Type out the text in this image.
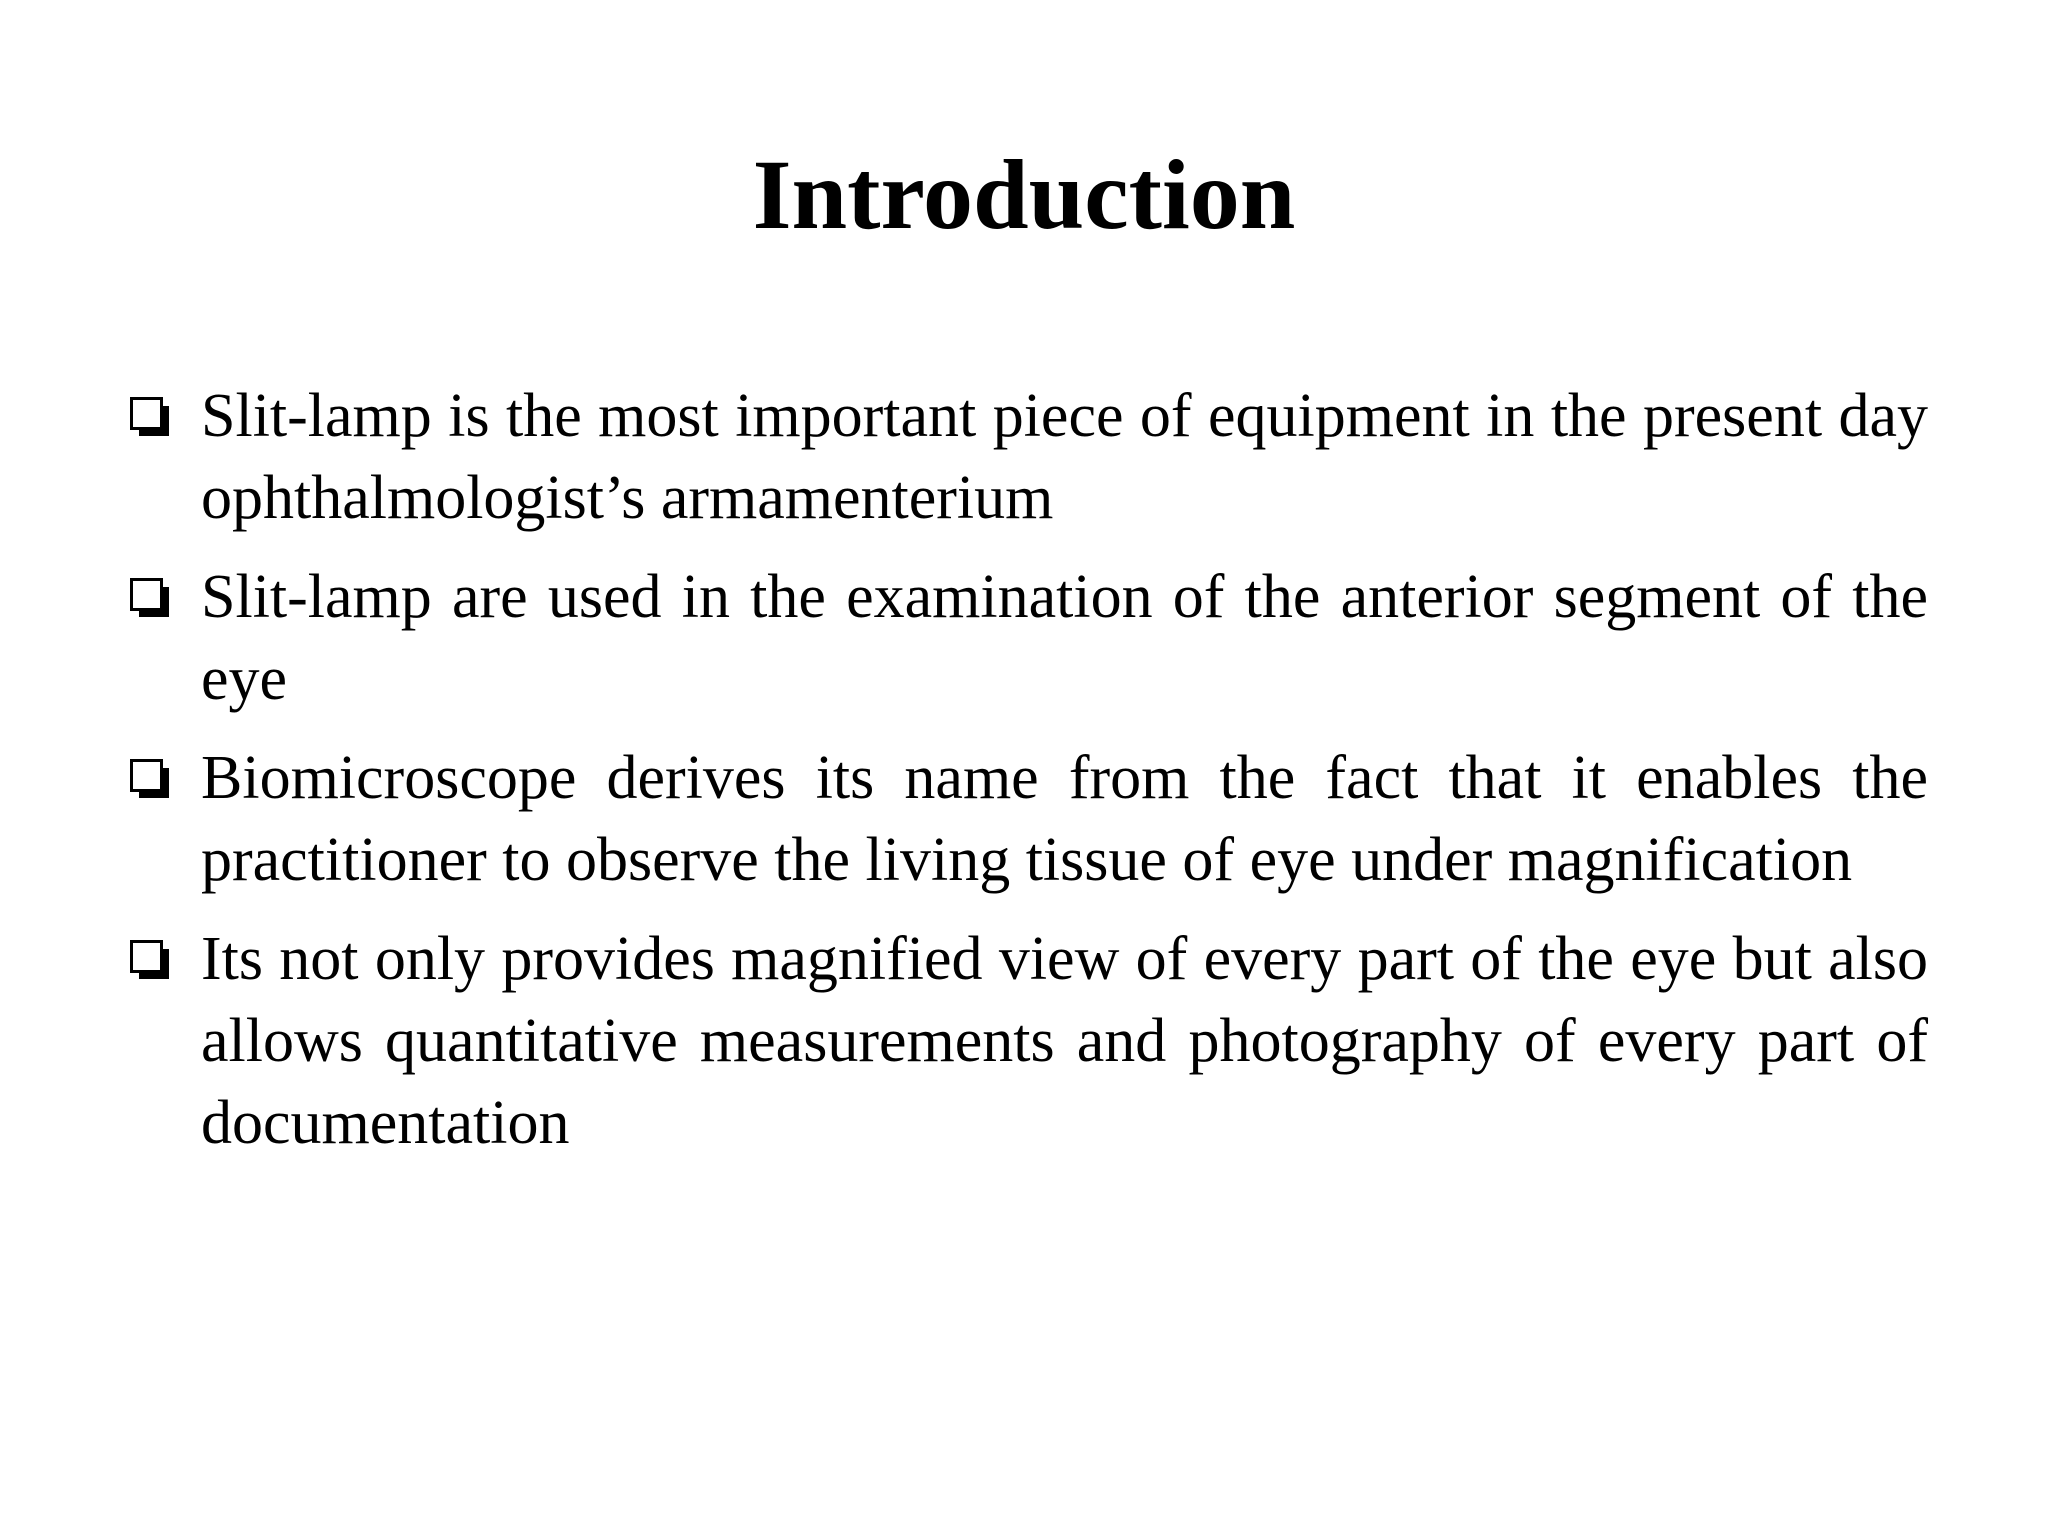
Introduction
Slit-lamp is the most important piece of equipment in the present day ophthalmologist’s armamenterium
Slit-lamp are used in the examination of the anterior segment of the eye
Biomicroscope derives its name from the fact that it enables the practitioner to observe the living tissue of eye under magnification
Its not only provides magnified view of every part of the eye but also allows quantitative measurements and photography of every part of documentation
